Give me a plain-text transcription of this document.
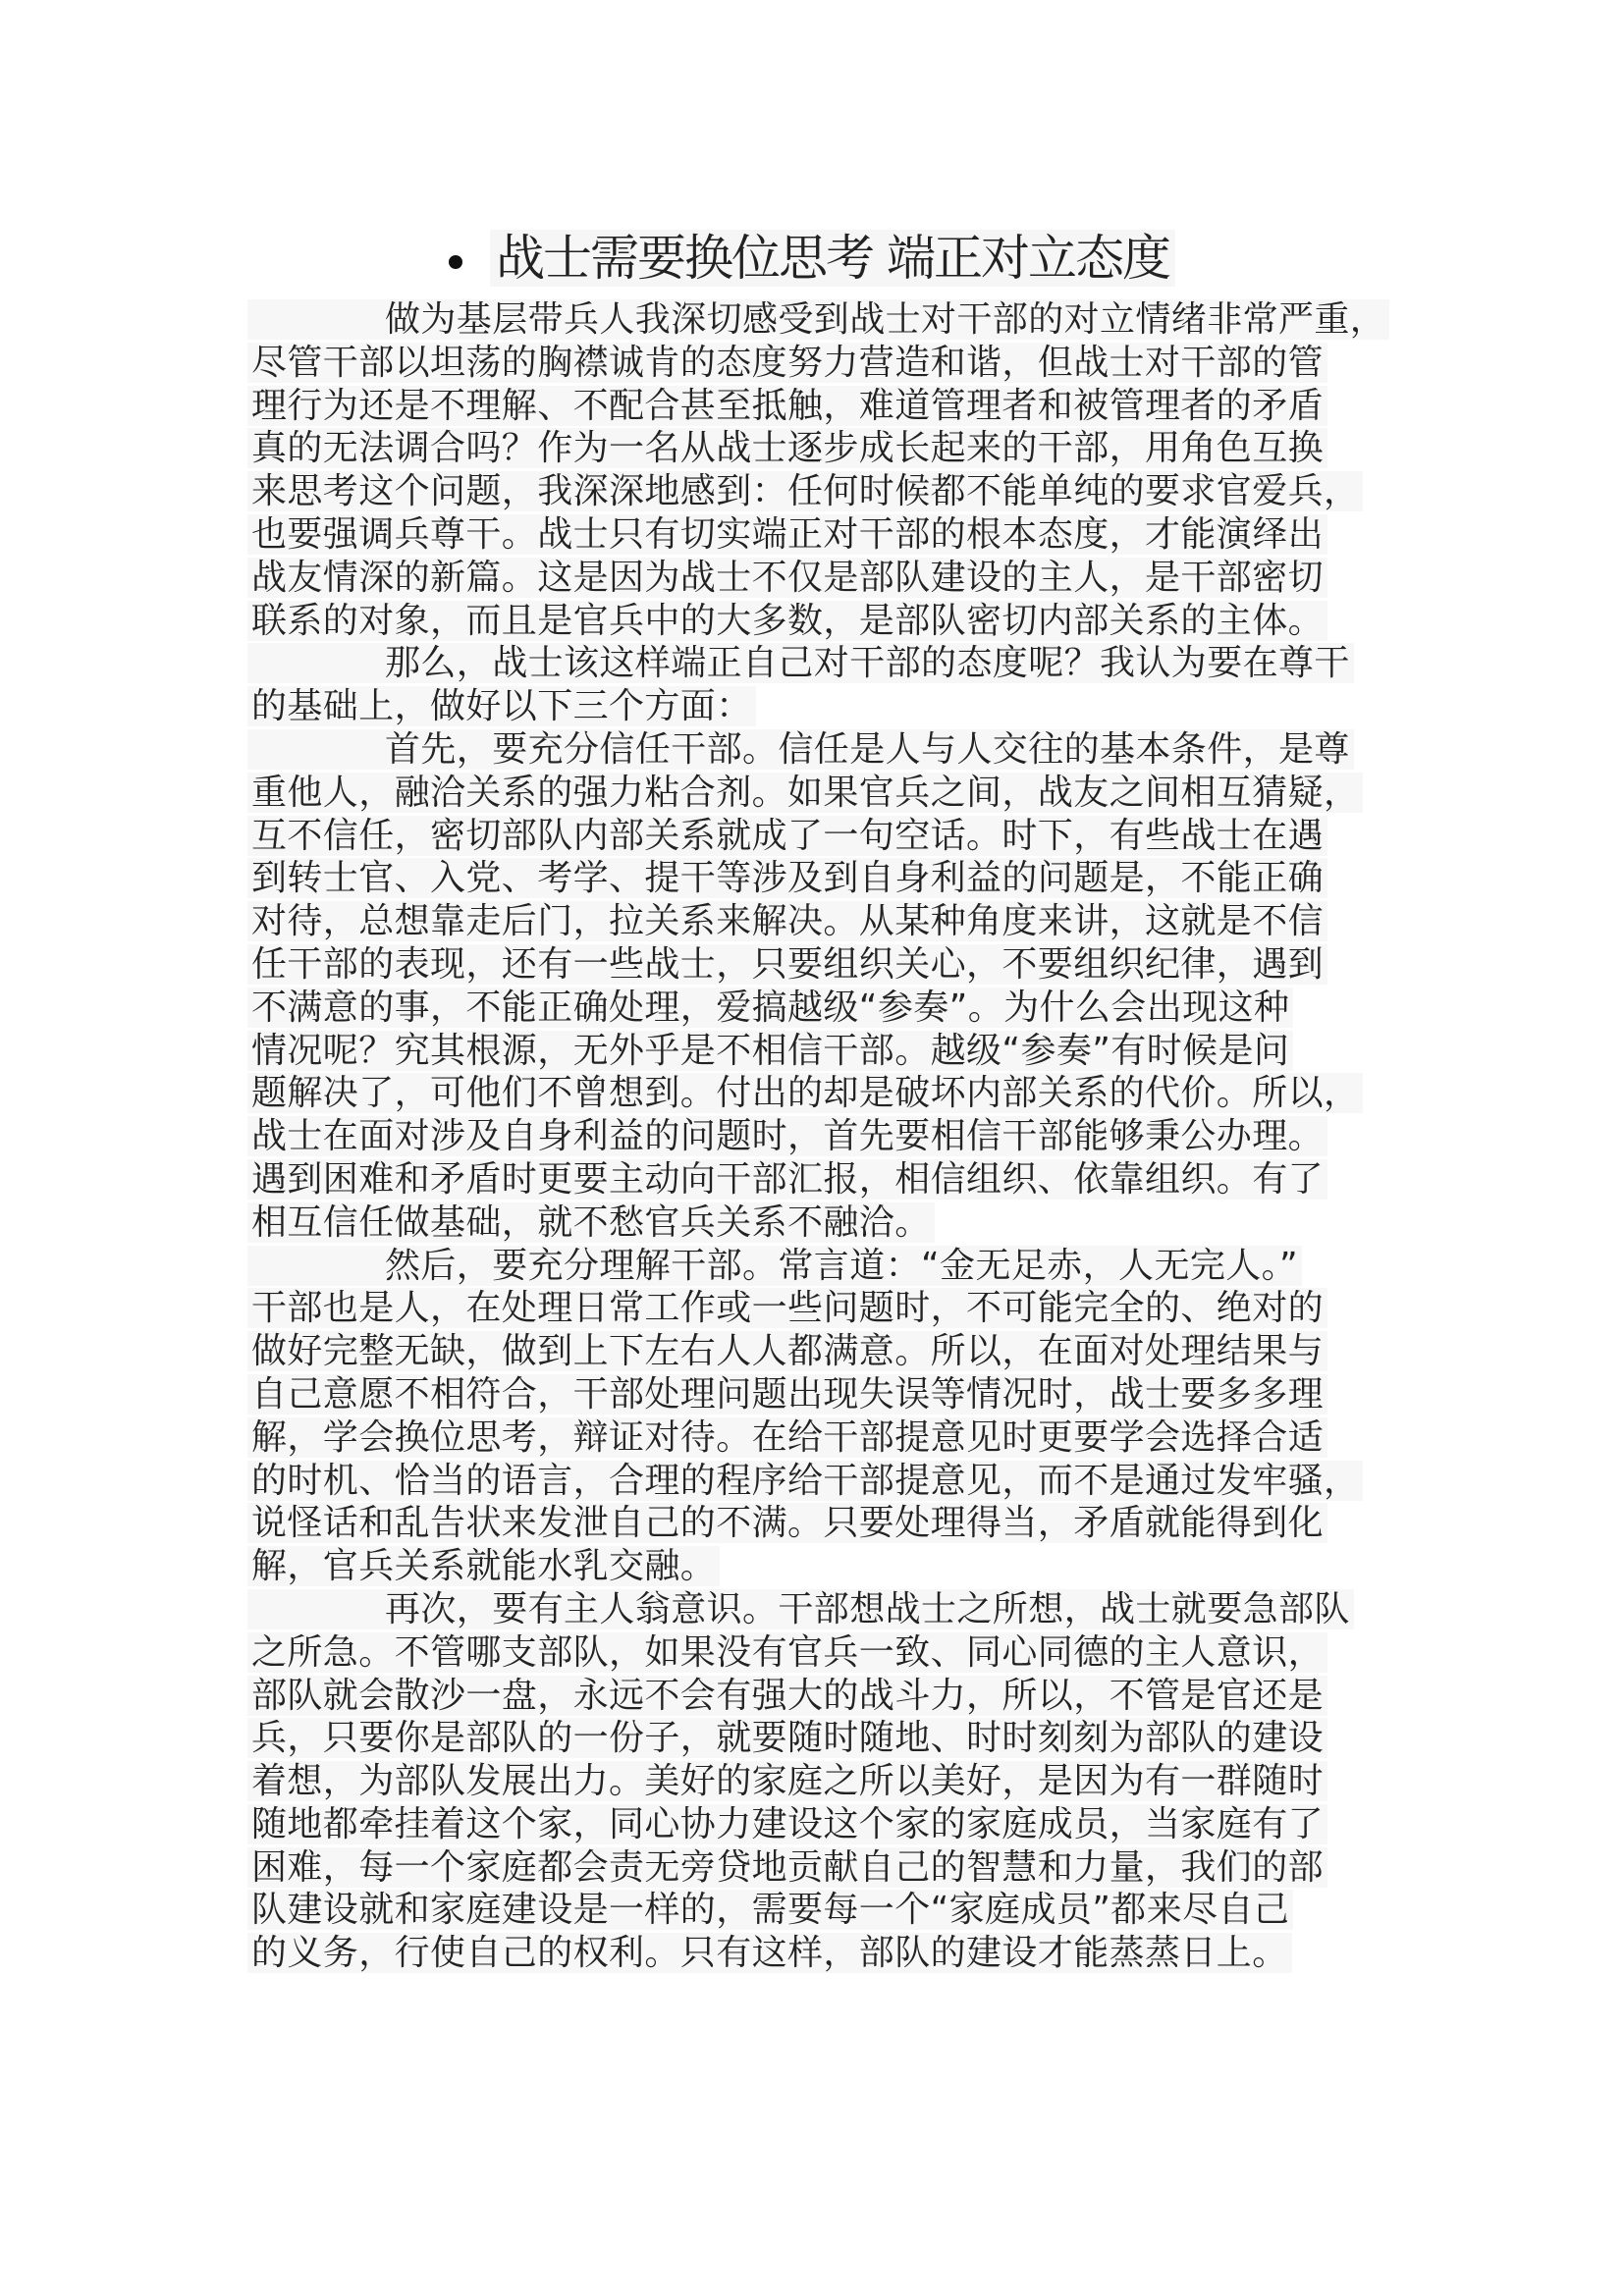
战士需要换位思考 端正对立态度
做为基层带兵人我深切感受到战士对干部的对立情绪非常严重，
尽管干部以坦荡的胸襟诚肯的态度努力营造和谐，但战士对干部的管
理行为还是不理解、不配合甚至抵触，难道管理者和被管理者的矛盾
真的无法调合吗？作为一名从战士逐步成长起来的干部，用角色互换
来思考这个问题，我深深地感到：任何时候都不能单纯的要求官爱兵，
也要强调兵尊干。战士只有切实端正对干部的根本态度，才能演绎出
战友情深的新篇。这是因为战士不仅是部队建设的主人，是干部密切
联系的对象，而且是官兵中的大多数，是部队密切内部关系的主体。
那么，战士该这样端正自己对干部的态度呢？我认为要在尊干
的基础上，做好以下三个方面：
首先，要充分信任干部。信任是人与人交往的基本条件，是尊
重他人，融洽关系的强力粘合剂。如果官兵之间，战友之间相互猜疑，
互不信任，密切部队内部关系就成了一句空话。时下，有些战士在遇
到转士官、入党、考学、提干等涉及到自身利益的问题是，不能正确
对待，总想靠走后门，拉关系来解决。从某种角度来讲，这就是不信
任干部的表现，还有一些战士，只要组织关心，不要组织纪律，遇到
不满意的事，不能正确处理，爱搞越级“参奏”。为什么会出现这种
情况呢？究其根源，无外乎是不相信干部。越级“参奏”有时候是问
题解决了，可他们不曾想到。付出的却是破坏内部关系的代价。所以，
战士在面对涉及自身利益的问题时，首先要相信干部能够秉公办理。
遇到困难和矛盾时更要主动向干部汇报，相信组织、依靠组织。有了
相互信任做基础，就不愁官兵关系不融洽。
然后，要充分理解干部。常言道：“金无足赤，人无完人。”
干部也是人，在处理日常工作或一些问题时，不可能完全的、绝对的
做好完整无缺，做到上下左右人人都满意。所以，在面对处理结果与
自己意愿不相符合，干部处理问题出现失误等情况时，战士要多多理
解，学会换位思考，辩证对待。在给干部提意见时更要学会选择合适
的时机、恰当的语言，合理的程序给干部提意见，而不是通过发牢骚，
说怪话和乱告状来发泄自己的不满。只要处理得当，矛盾就能得到化
解，官兵关系就能水乳交融。
再次，要有主人翁意识。干部想战士之所想，战士就要急部队
之所急。不管哪支部队，如果没有官兵一致、同心同德的主人意识，
部队就会散沙一盘，永远不会有强大的战斗力，所以，不管是官还是
兵，只要你是部队的一份子，就要随时随地、时时刻刻为部队的建设
着想，为部队发展出力。美好的家庭之所以美好，是因为有一群随时
随地都牵挂着这个家，同心协力建设这个家的家庭成员，当家庭有了
困难，每一个家庭都会责无旁贷地贡献自己的智慧和力量，我们的部
队建设就和家庭建设是一样的，需要每一个“家庭成员”都来尽自己
的义务，行使自己的权利。只有这样，部队的建设才能蒸蒸日上。
